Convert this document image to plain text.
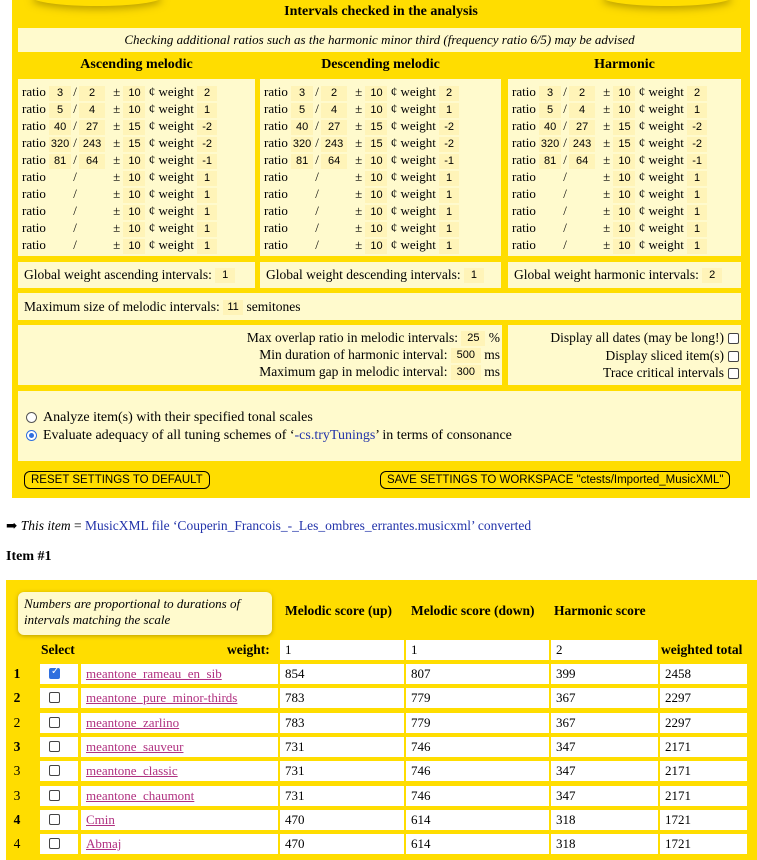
Intervals checked in the analysis
Checking additional ratios such as the harmonic minor third (frequency ratio 6/5) may be advised
Ascending melodic	Descending melodic	Harmonic
ratio 3 / 2 ± 10 ¢ weight 2
ratio 5 / 4 ± 10 ¢ weight 1
ratio 40 / 27 ± 15 ¢ weight -2
ratio 320 / 243 ± 15 ¢ weight -2
ratio 81 / 64 ± 10 ¢ weight -1
ratio /	± 10 ¢ weight 1
ratio /	± 10 ¢ weight 1
ratio /	± 10 ¢ weight 1
ratio /	± 10 ¢ weight 1
ratio /	± 10 ¢ weight 1
ratio 3 / 2 ± 10 ¢ weight 2
ratio 5 / 4 ± 10 ¢ weight 1
ratio 40 / 27 ± 15 ¢ weight -2
ratio 320 / 243 ± 15 ¢ weight -2
ratio 81 / 64 ± 10 ¢ weight -1
ratio /	± 10 ¢ weight 1
ratio /	± 10 ¢ weight 1
ratio /	± 10 ¢ weight 1
ratio /	± 10 ¢ weight 1
ratio /	± 10 ¢ weight 1
ratio 3 / 2 ± 10 ¢ weight 2
ratio 5 / 4 ± 10 ¢ weight 1
ratio 40 / 27 ± 15 ¢ weight -2
ratio 320 / 243 ± 15 ¢ weight -2
ratio 81 / 64 ± 10 ¢ weight -1
ratio /	± 10 ¢ weight 1
ratio /	± 10 ¢ weight 1
ratio /	± 10 ¢ weight 1
ratio /	± 10 ¢ weight 1
ratio /	± 10 ¢ weight 1
Global weight ascending intervals: 1	Global weight descending intervals: 1	Global weight harmonic intervals: 2
Maximum size of melodic intervals: 11 semitones
Max overlap ratio in melodic intervals: 25 %
Min duration of harmonic interval: 500 ms
Maximum gap in melodic interval: 300 ms
Display all dates (may be long!)
Display sliced item(s)
Trace critical intervals
Analyze item(s) with their specified tonal scales
Evaluate adequacy of all tuning schemes of ‘-cs.tryTunings’ in terms of consonance
RESET SETTINGS TO DEFAULT	SAVE SETTINGS TO WORKSPACE "ctests/Imported_MusicXML"
➡ This item = MusicXML file ‘Couperin_Francois_-_Les_ombres_errantes.musicxml’ converted
Item #1
Numbers are proportional to durations of intervals matching the scale
Melodic score (up) Melodic score (down) Harmonic score
Select	weight:	1	1	2	weighted total
1
✓	meantone_rameau_en_sib	854	807	399	2458
2	meantone_pure_minor-thirds	783	779	367	2297
2	meantone_zarlino	783	779	367	2297
3	meantone_sauveur	731	746	347	2171
3	meantone_classic	731	746	347	2171
3	meantone_chaumont	731	746	347	2171
4	Cmin	470	614	318	1721
4	Abmaj	470	614	318	1721
